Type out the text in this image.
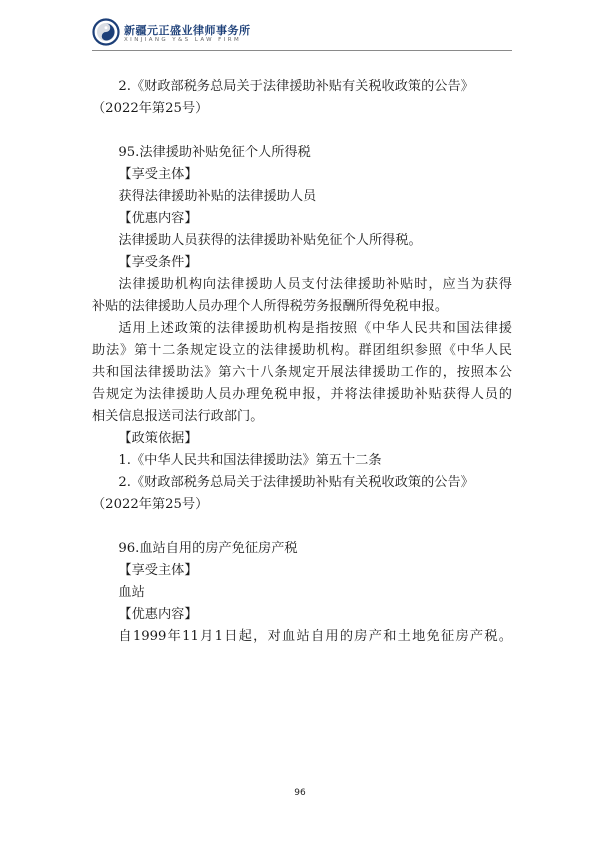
新疆元正盛业律师事务所
XINJIANG Y&S LAW FIRM
2.《财政部税务总局关于法律援助补贴有关税收政策的公告》
（2022年第25号）
95.法律援助补贴免征个人所得税
【享受主体】
获得法律援助补贴的法律援助人员
【优惠内容】
法律援助人员获得的法律援助补贴免征个人所得税。
【享受条件】
法律援助机构向法律援助人员支付法律援助补贴时，应当为获得
补贴的法律援助人员办理个人所得税劳务报酬所得免税申报。
适用上述政策的法律援助机构是指按照《中华人民共和国法律援
助法》第十二条规定设立的法律援助机构。群团组织参照《中华人民
共和国法律援助法》第六十八条规定开展法律援助工作的，按照本公
告规定为法律援助人员办理免税申报，并将法律援助补贴获得人员的
相关信息报送司法行政部门。
【政策依据】
1.《中华人民共和国法律援助法》第五十二条
2.《财政部税务总局关于法律援助补贴有关税收政策的公告》
（2022年第25号）
96.血站自用的房产免征房产税
【享受主体】
血站
【优惠内容】
自1999年11月1日起，对血站自用的房产和土地免征房产税。
96
